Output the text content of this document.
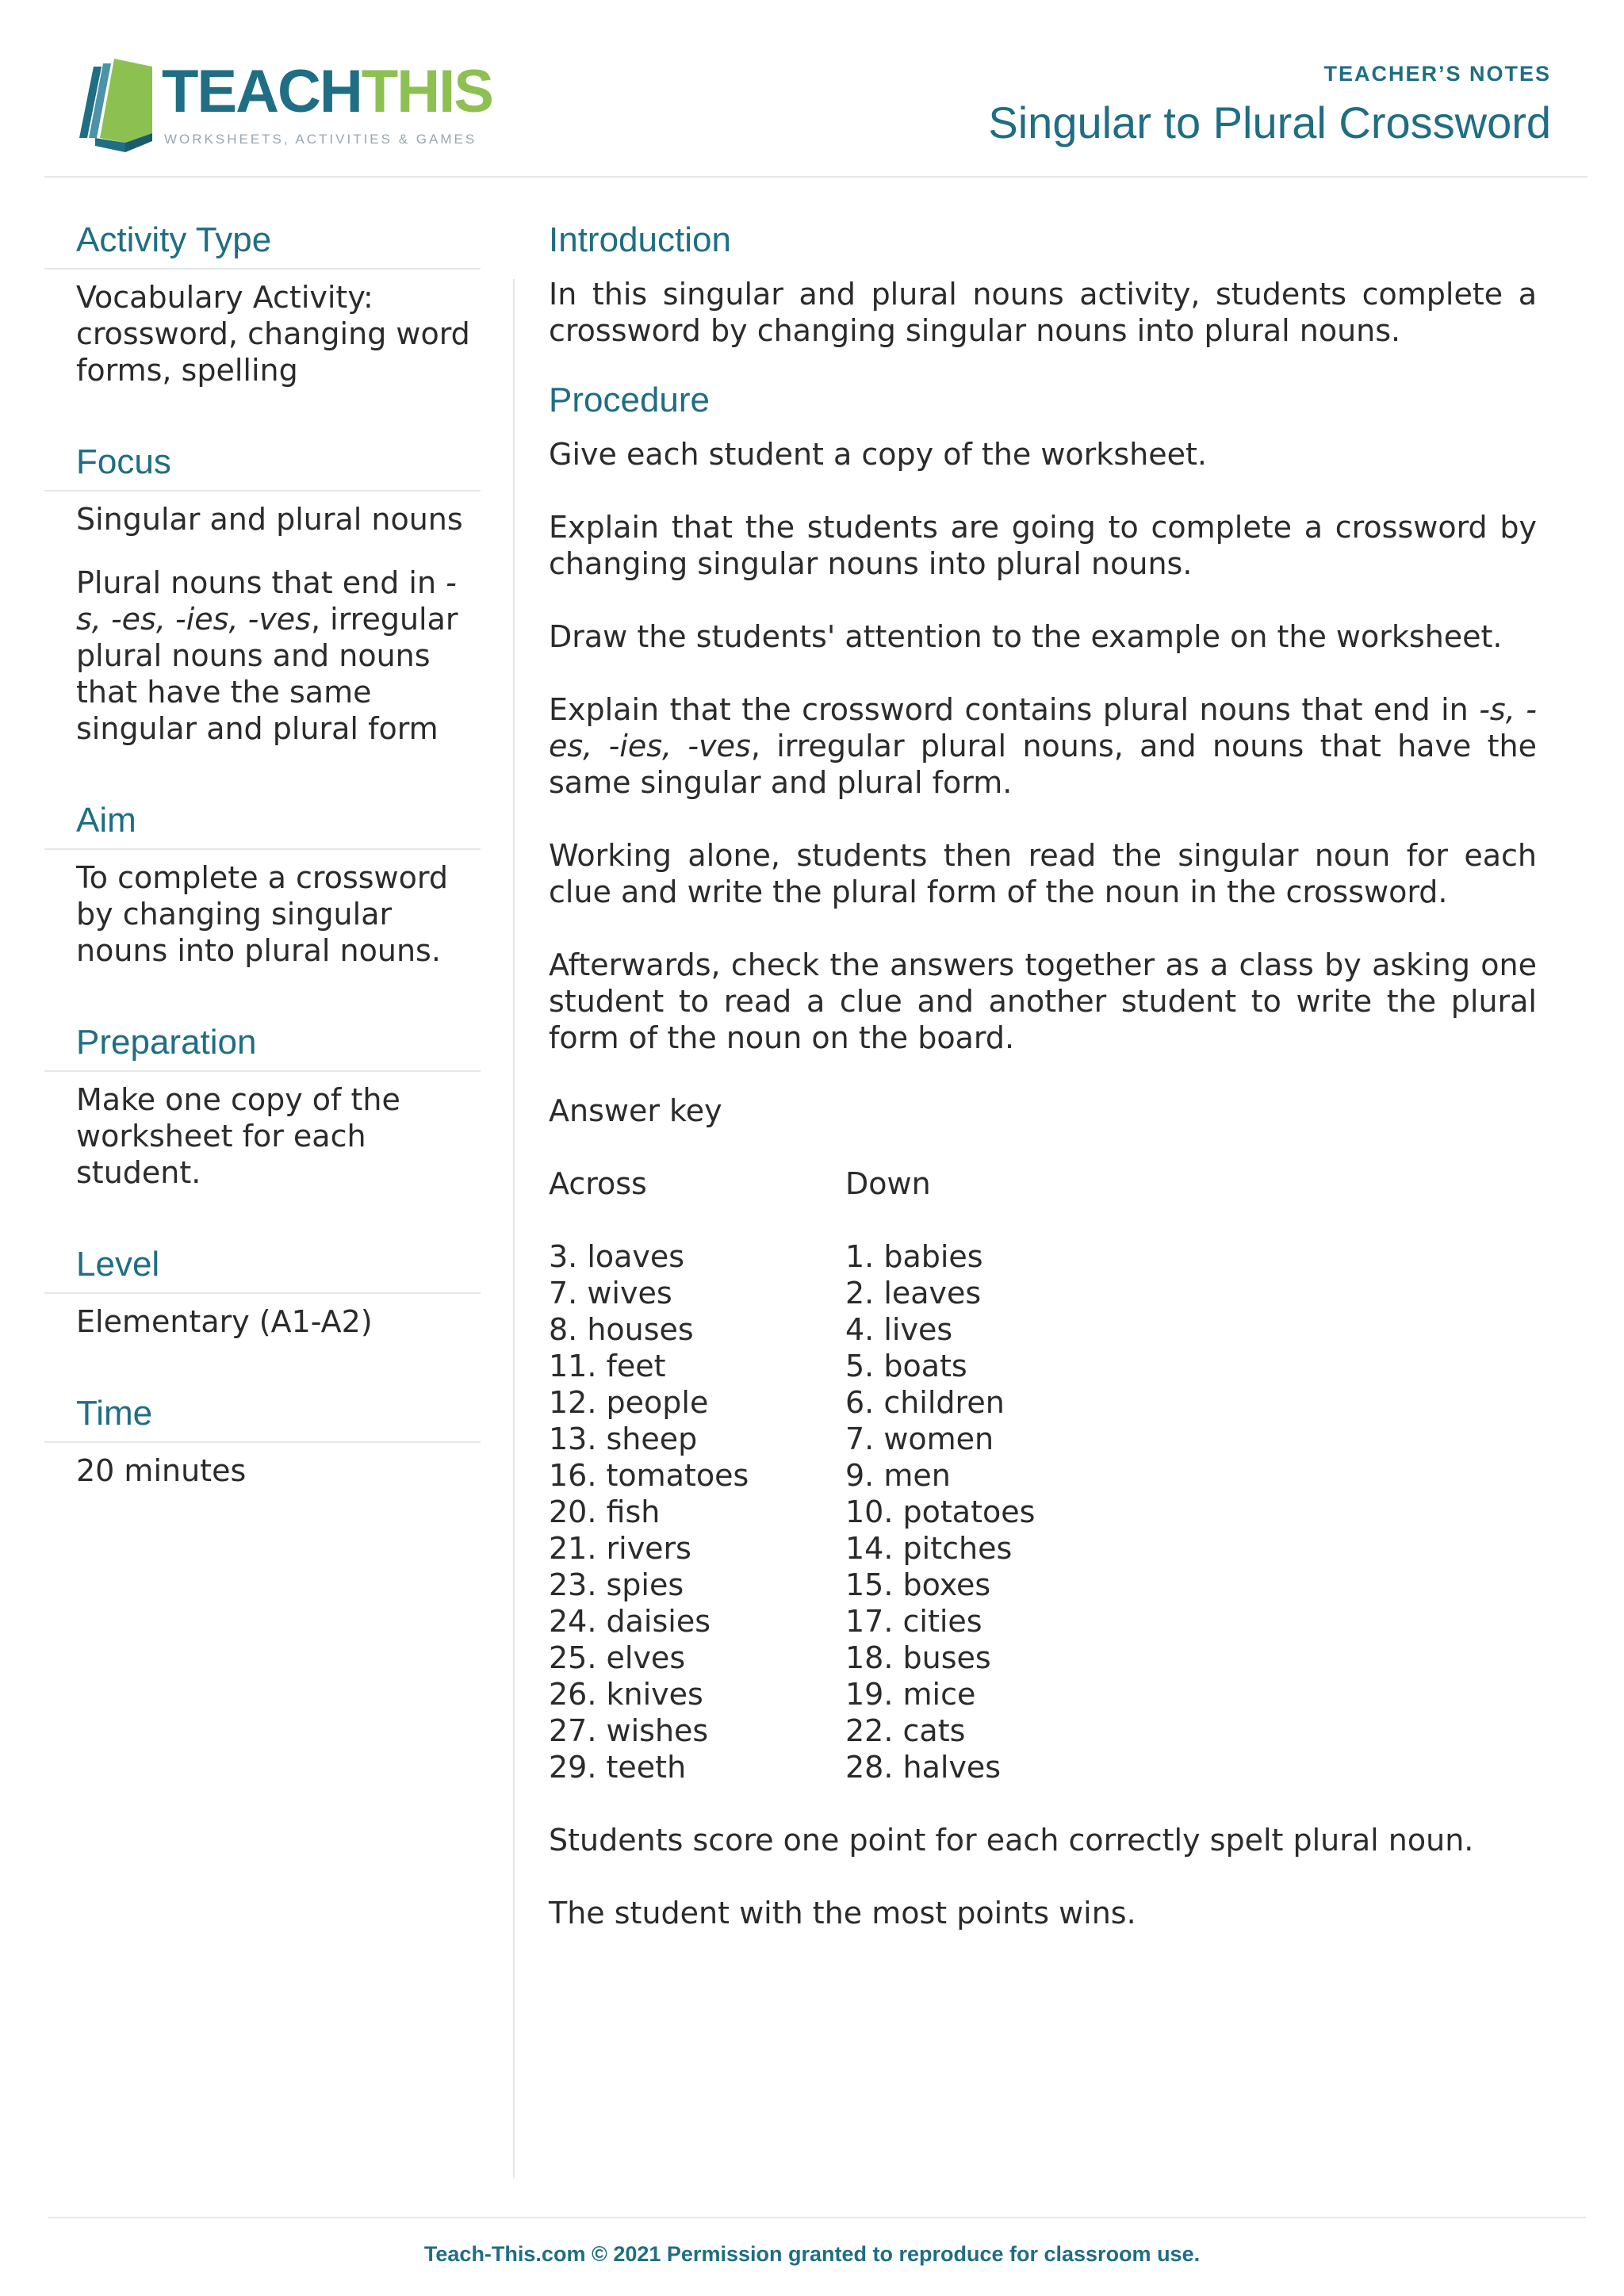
TEACHTHIS
WORKSHEETS, ACTIVITIES & GAMES
TEACHER’S NOTES
Singular to Plural Crossword
Activity Type

Vocabulary Activity: crossword, changing word forms, spelling

Focus

Singular and plural nouns

Plural nouns that end in -s, -es, -ies, -ves, irregular plural nouns and nouns that have the same singular and plural form

Aim

To complete a crossword by changing singular nouns into plural nouns.

Preparation

Make one copy of the worksheet for each student.

Level

Elementary (A1-A2)

Time

20 minutes

Introduction

In this singular and plural nouns activity, students complete a crossword by changing singular nouns into plural nouns.

Procedure

Give each student a copy of the worksheet.

Explain that the students are going to complete a crossword by changing singular nouns into plural nouns.

Draw the students' attention to the example on the worksheet.

Explain that the crossword contains plural nouns that end in -s, -es, -ies, -ves, irregular plural nouns, and nouns that have the same singular and plural form.

Working alone, students then read the singular noun for each clue and write the plural form of the noun in the crossword.

Afterwards, check the answers together as a class by asking one student to read a clue and another student to write the plural form of the noun on the board.

Answer key

Across
3. loaves
7. wives
8. houses
11. feet
12. people
13. sheep
16. tomatoes
20. fish
21. rivers
23. spies
24. daisies
25. elves
26. knives
27. wishes
29. teeth
Down
1. babies
2. leaves
4. lives
5. boats
6. children
7. women
9. men
10. potatoes
14. pitches
15. boxes
17. cities
18. buses
19. mice
22. cats
28. halves

Students score one point for each correctly spelt plural noun.

The student with the most points wins.

Teach-This.com © 2021 Permission granted to reproduce for classroom use.
